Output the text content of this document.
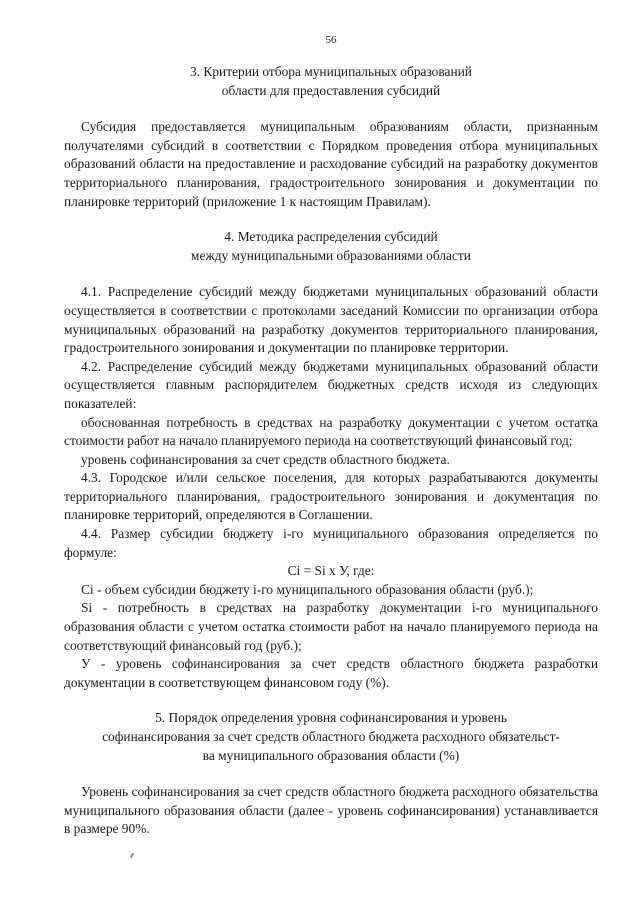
56
3. Критерии отбора муниципальных образований
области для предоставления субсидий

Субсидия предоставляется муниципальным образованиям области, признанным получателями субсидий в соответствии с Порядком проведения отбора муниципальных образований области на предоставление и расходование субсидий на разработку документов территориального планирования, градостроительного зонирования и документации по планировке территорий (приложение 1 к настоящим Правилам).

4. Методика распределения субсидий
между муниципальными образованиями области

4.1. Распределение субсидий между бюджетами муниципальных образований области осуществляется в соответствии с протоколами заседаний Комиссии по организации отбора муниципальных образований на разработку документов территориального планирования, градостроительного зонирования и документации по планировке территории.

4.2. Распределение субсидий между бюджетами муниципальных образований области осуществляется главным распорядителем бюджетных средств исходя из следующих показателей:

обоснованная потребность в средствах на разработку документации с учетом остатка стоимости работ на начало планируемого периода на соответствующий финансовый год;

уровень софинансирования за счет средств областного бюджета.

4.3. Городское и/или сельское поселения, для которых разрабатываются документы территориального планирования, градостроительного зонирования и документация по планировке территорий, определяются в Соглашении.

4.4. Размер субсидии бюджету i-го муниципального образования определяется по формуле:

Ci = Si x У, где:

Ci - объем субсидии бюджету i-го муниципального образования области (руб.);

Si - потребность в средствах на разработку документации i-го муниципального образования области с учетом остатка стоимости работ на начало планируемого периода на соответствующий финансовый год (руб.);

У - уровень софинансирования за счет средств областного бюджета разработки документации в соответствующем финансовом году (%).

5. Порядок определения уровня софинансирования и уровень
софинансирования за счет средств областного бюджета расходного обязательст-
ва муниципального образования области (%)

Уровень софинансирования за счет средств областного бюджета расходного обязательства муниципального образования области (далее - уровень софинансирования) устанавливается в размере 90%.
